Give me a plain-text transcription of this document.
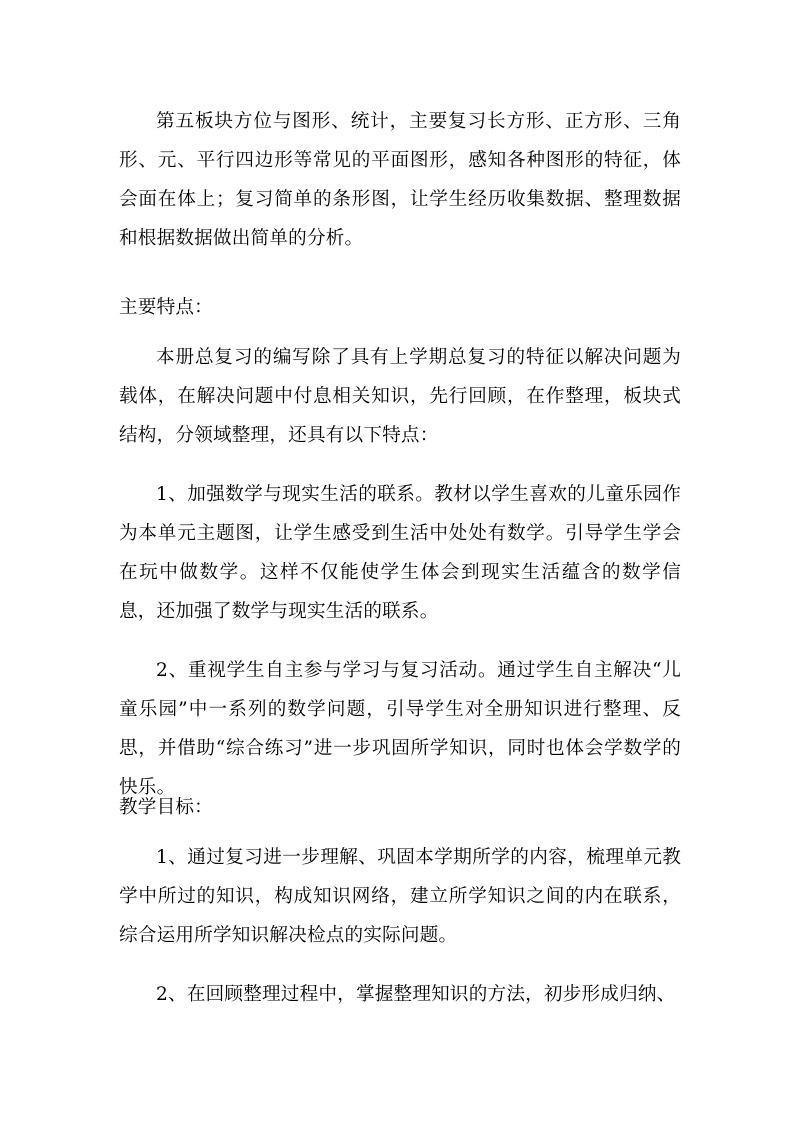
第五板块方位与图形、统计，主要复习长方形、正方形、三角形、元、平行四边形等常见的平面图形，感知各种图形的特征，体会面在体上；复习简单的条形图，让学生经历收集数据、整理数据和根据数据做出简单的分析。

主要特点：

本册总复习的编写除了具有上学期总复习的特征以解决问题为载体，在解决问题中付息相关知识，先行回顾，在作整理，板块式结构，分领域整理，还具有以下特点：

1、加强数学与现实生活的联系。教材以学生喜欢的儿童乐园作为本单元主题图，让学生感受到生活中处处有数学。引导学生学会在玩中做数学。这样不仅能使学生体会到现实生活蕴含的数学信息，还加强了数学与现实生活的联系。

2、重视学生自主参与学习与复习活动。通过学生自主解决“儿童乐园”中一系列的数学问题，引导学生对全册知识进行整理、反思，并借助“综合练习”进一步巩固所学知识，同时也体会学数学的快乐。

教学目标：

1、通过复习进一步理解、巩固本学期所学的内容，梳理单元教学中所过的知识，构成知识网络，建立所学知识之间的内在联系，综合运用所学知识解决检点的实际问题。

2、在回顾整理过程中，掌握整理知识的方法，初步形成归纳、
